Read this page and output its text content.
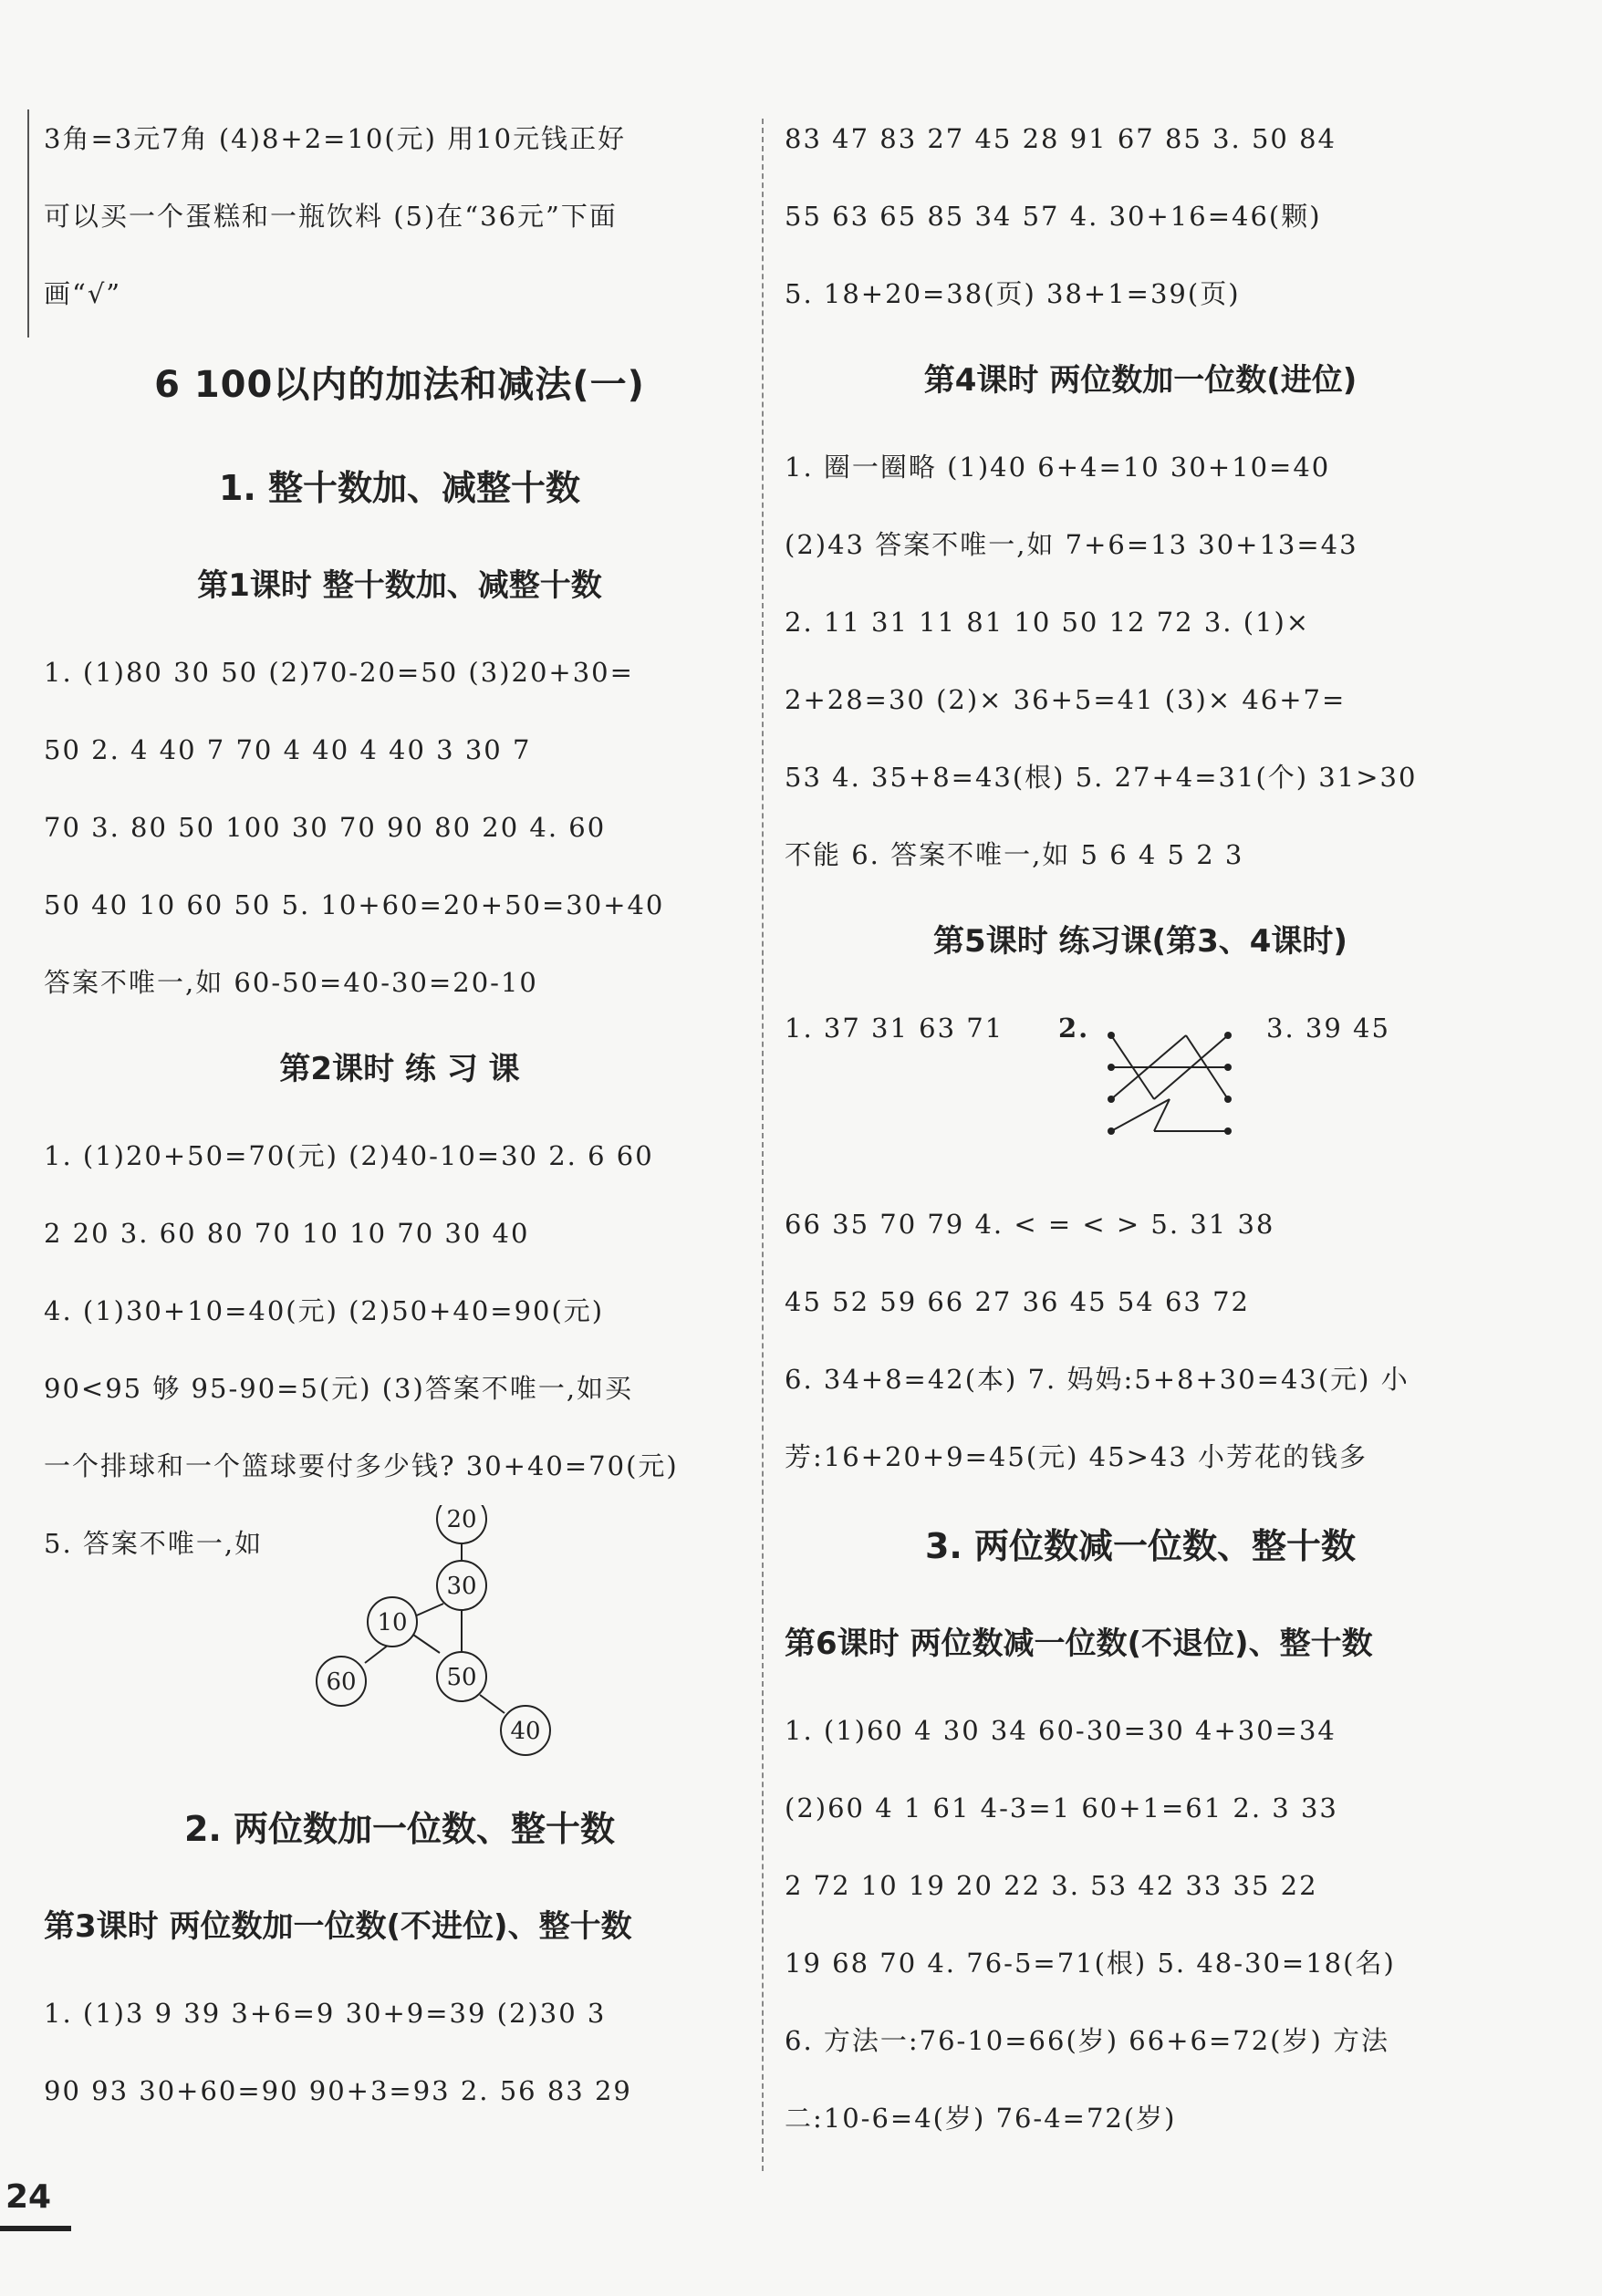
3角=3元7角 (4)8+2=10(元) 用10元钱正好
可以买一个蛋糕和一瓶饮料 (5)在“36元”下面
画“√”
6 100以内的加法和减法(一)
1. 整十数加、减整十数
第1课时 整十数加、减整十数
1. (1)80 30 50 (2)70-20=50 (3)20+30=
50 2. 4 40 7 70 4 40 4 40 3 30 7
70 3. 80 50 100 30 70 90 80 20 4. 60
50 40 10 60 50 5. 10+60=20+50=30+40
答案不唯一,如 60-50=40-30=20-10
第2课时 练 习 课
1. (1)20+50=70(元) (2)40-10=30 2. 6 60
2 20 3. 60 80 70 10 10 70 30 40
4. (1)30+10=40(元) (2)50+40=90(元)
90<95 够 95-90=5(元) (3)答案不唯一,如买
一个排球和一个篮球要付多少钱? 30+40=70(元)
5. 答案不唯一,如
20
30
10
60	50
40
2. 两位数加一位数、整十数
第3课时 两位数加一位数(不进位)、整十数
1. (1)3 9 39 3+6=9 30+9=39 (2)30 3
90 93 30+60=90 90+3=93 2. 56 83 29
83 47 83 27 45 28 91 67 85 3. 50 84
55 63 65 85 34 57 4. 30+16=46(颗)
5. 18+20=38(页) 38+1=39(页)
第4课时 两位数加一位数(进位)
1. 圈一圈略 (1)40 6+4=10 30+10=40
(2)43 答案不唯一,如 7+6=13 30+13=43
2. 11 31 11 81 10 50 12 72 3. (1)×
2+28=30 (2)× 36+5=41 (3)× 46+7=
53 4. 35+8=43(根) 5. 27+4=31(个) 31>30
不能 6. 答案不唯一,如 5 6 4 5 2 3
第5课时 练习课(第3、4课时)
1. 37 31 63 71 2.	3. 39 45
66 35 70 79 4. < = < > 5. 31 38
45 52 59 66 27 36 45 54 63 72
6. 34+8=42(本) 7. 妈妈:5+8+30=43(元) 小
芳:16+20+9=45(元) 45>43 小芳花的钱多
3. 两位数减一位数、整十数
第6课时 两位数减一位数(不退位)、整十数
1. (1)60 4 30 34 60-30=30 4+30=34
(2)60 4 1 61 4-3=1 60+1=61 2. 3 33
2 72 10 19 20 22 3. 53 42 33 35 22
19 68 70 4. 76-5=71(根) 5. 48-30=18(名)
6. 方法一:76-10=66(岁) 66+6=72(岁) 方法
二:10-6=4(岁) 76-4=72(岁)
24
